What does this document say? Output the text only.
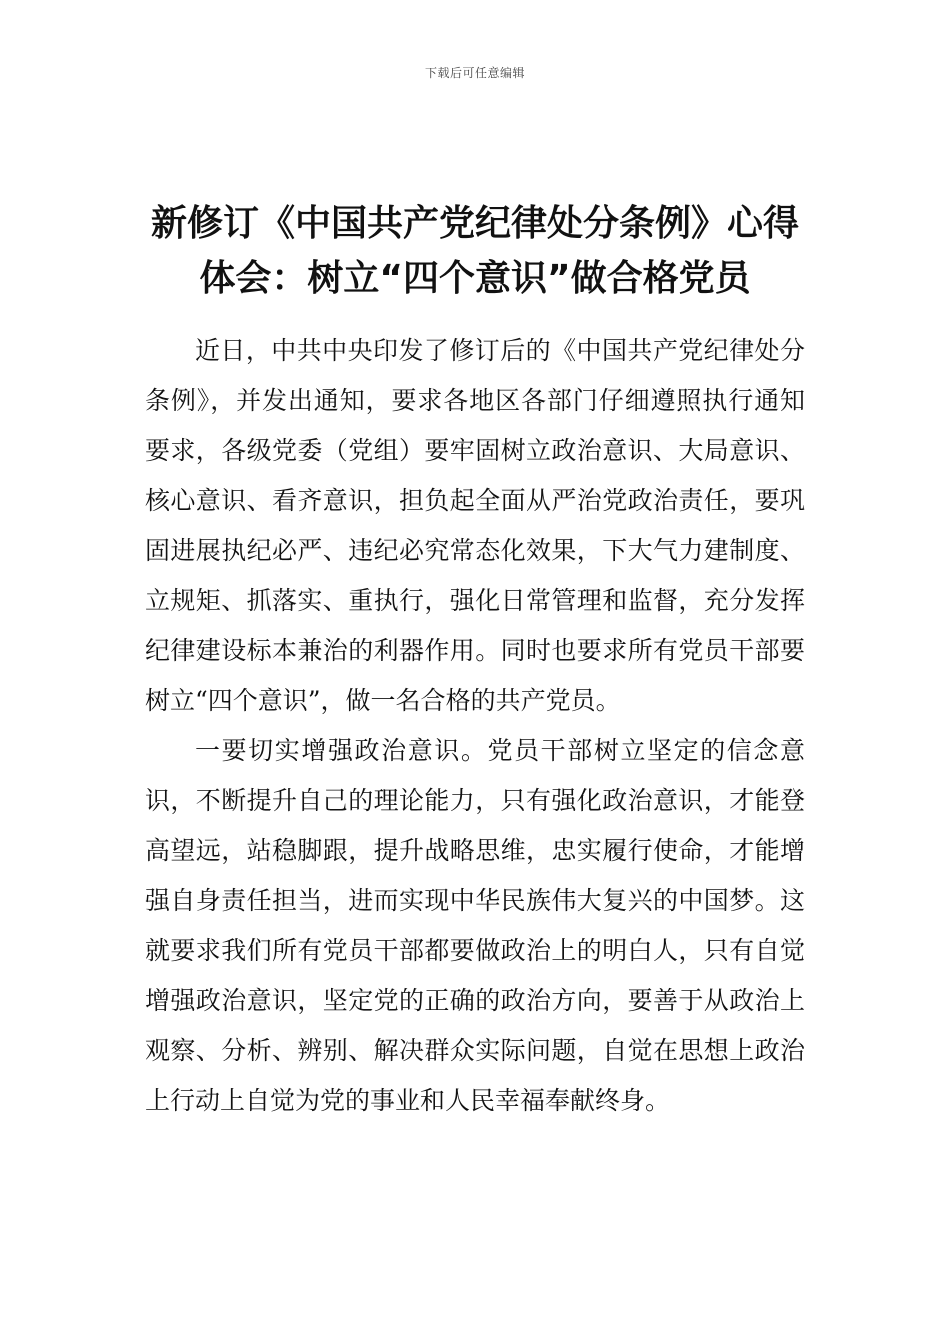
下载后可任意编辑
新修订《中国共产党纪律处分条例》心得
体会：树立“四个意识”做合格党员

近日，中共中央印发了修订后的《中国共产党纪律处分条例》，并发出通知，要求各地区各部门仔细遵照执行通知要求，各级党委（党组）要牢固树立政治意识、大局意识、核心意识、看齐意识，担负起全面从严治党政治责任，要巩固进展执纪必严、违纪必究常态化效果，下大气力建制度、立规矩、抓落实、重执行，强化日常管理和监督，充分发挥纪律建设标本兼治的利器作用。同时也要求所有党员干部要树立“四个意识”，做一名合格的共产党员。

一要切实增强政治意识。党员干部树立坚定的信念意识，不断提升自己的理论能力，只有强化政治意识，才能登高望远，站稳脚跟，提升战略思维，忠实履行使命，才能增强自身责任担当，进而实现中华民族伟大复兴的中国梦。这就要求我们所有党员干部都要做政治上的明白人，只有自觉增强政治意识，坚定党的正确的政治方向，要善于从政治上观察、分析、辨别、解决群众实际问题，自觉在思想上政治上行动上自觉为党的事业和人民幸福奉献终身。
